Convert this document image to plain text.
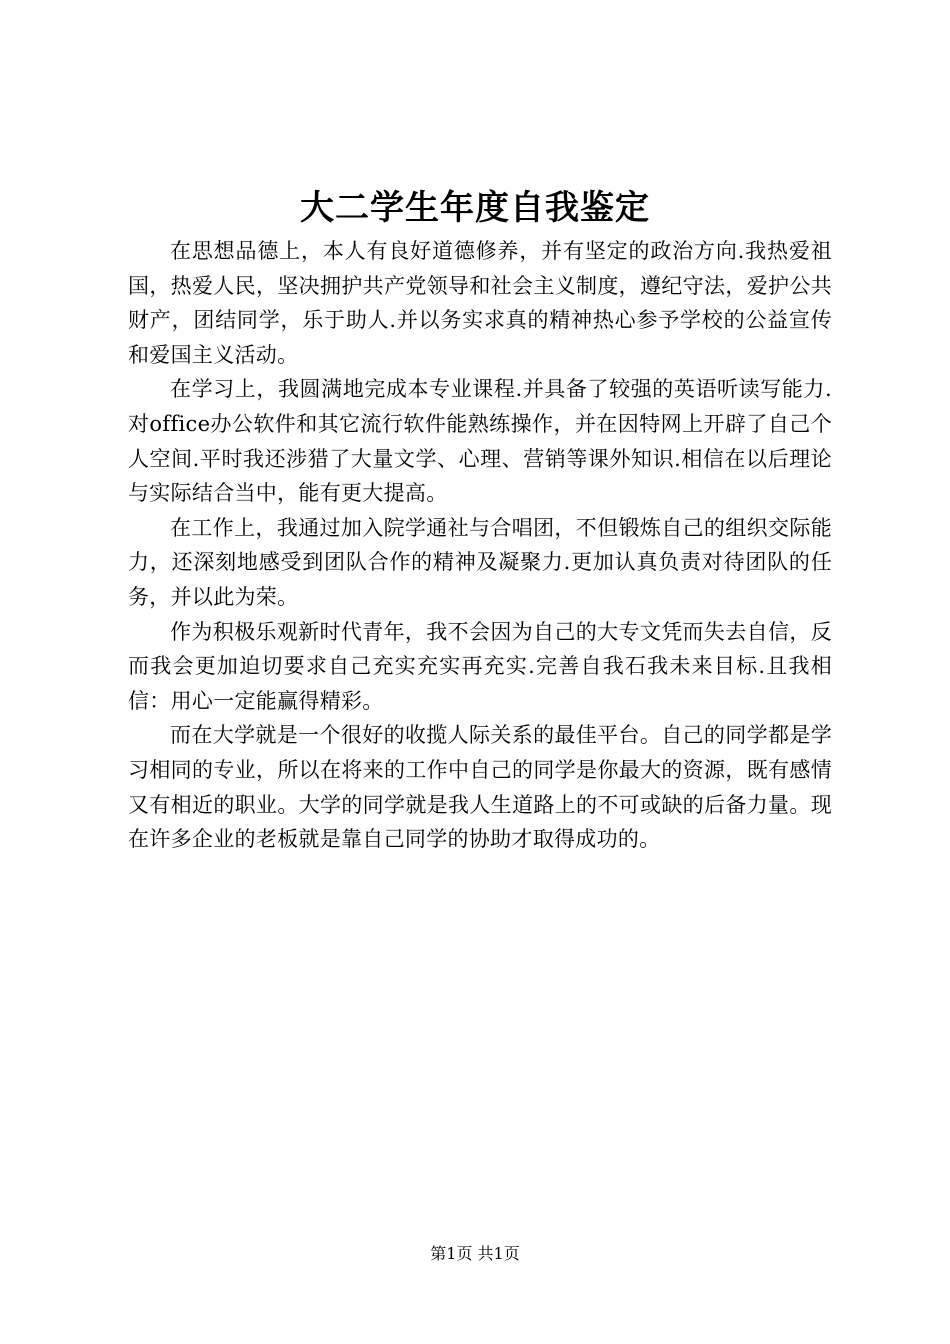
大二学生年度自我鉴定

在思想品德上，本人有良好道德修养，并有坚定的政治方向.我热爱祖国，热爱人民，坚决拥护共产党领导和社会主义制度，遵纪守法，爱护公共财产，团结同学，乐于助人.并以务实求真的精神热心参予学校的公益宣传和爱国主义活动。

在学习上，我圆满地完成本专业课程.并具备了较强的英语听读写能力.对office办公软件和其它流行软件能熟练操作，并在因特网上开辟了自己个人空间.平时我还涉猎了大量文学、心理、营销等课外知识.相信在以后理论与实际结合当中，能有更大提高。

在工作上，我通过加入院学通社与合唱团，不但锻炼自己的组织交际能力，还深刻地感受到团队合作的精神及凝聚力.更加认真负责对待团队的任务，并以此为荣。

作为积极乐观新时代青年，我不会因为自己的大专文凭而失去自信，反而我会更加迫切要求自己充实充实再充实.完善自我石我未来目标.且我相信：用心一定能赢得精彩。

而在大学就是一个很好的收揽人际关系的最佳平台。自己的同学都是学习相同的专业，所以在将来的工作中自己的同学是你最大的资源，既有感情又有相近的职业。大学的同学就是我人生道路上的不可或缺的后备力量。现在许多企业的老板就是靠自己同学的协助才取得成功的。

第1页 共1页
